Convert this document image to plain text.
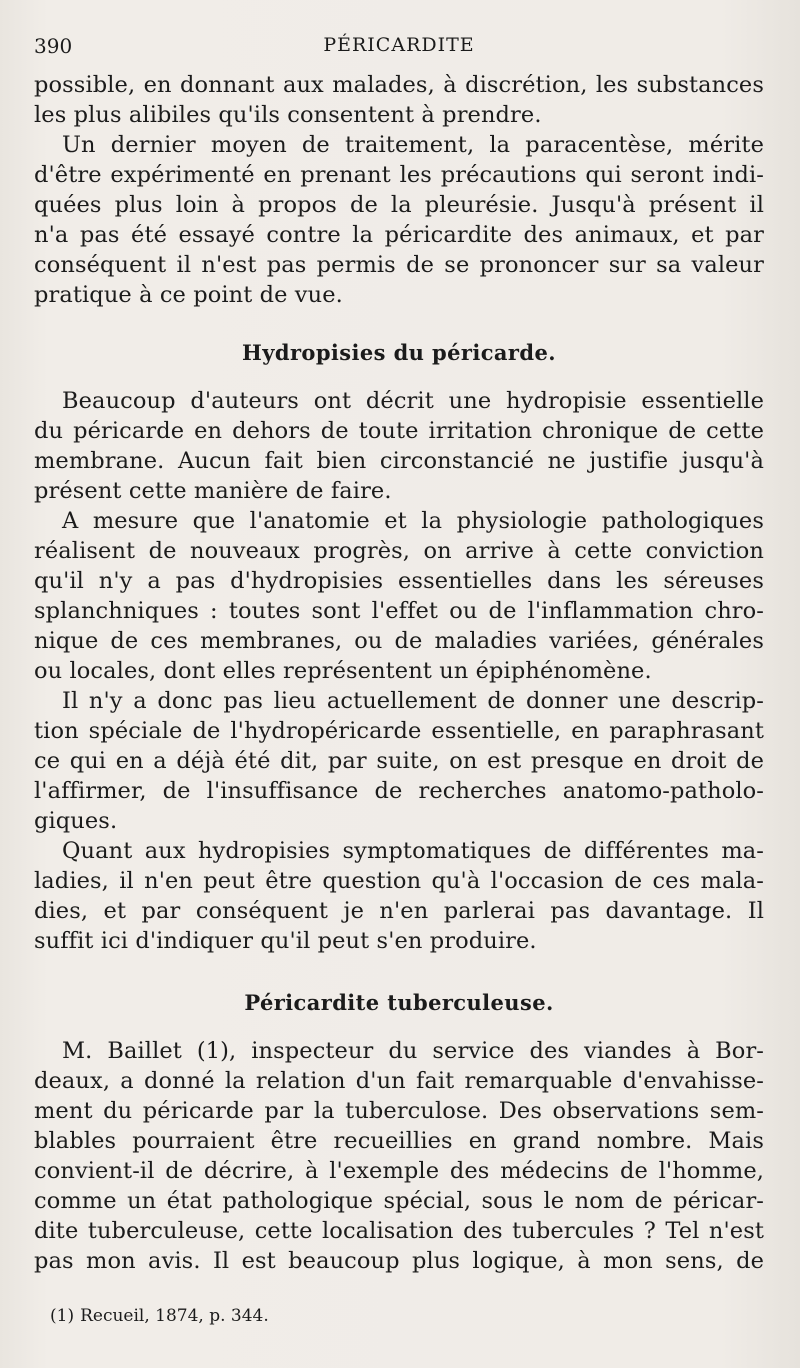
390	PÉRICARDITE
possible, en donnant aux malades, à discrétion, les substances
les plus alibiles qu'ils consentent à prendre.
Un dernier moyen de traitement, la paracentèse, mérite
d'être expérimenté en prenant les précautions qui seront indi-
quées plus loin à propos de la pleurésie. Jusqu'à présent il
n'a pas été essayé contre la péricardite des animaux, et par
conséquent il n'est pas permis de se prononcer sur sa valeur
pratique à ce point de vue.
Hydropisies du péricarde.
Beaucoup d'auteurs ont décrit une hydropisie essentielle
du péricarde en dehors de toute irritation chronique de cette
membrane. Aucun fait bien circonstancié ne justifie jusqu'à
présent cette manière de faire.
A mesure que l'anatomie et la physiologie pathologiques
réalisent de nouveaux progrès, on arrive à cette conviction
qu'il n'y a pas d'hydropisies essentielles dans les séreuses
splanchniques : toutes sont l'effet ou de l'inflammation chro-
nique de ces membranes, ou de maladies variées, générales
ou locales, dont elles représentent un épiphénomène.
Il n'y a donc pas lieu actuellement de donner une descrip-
tion spéciale de l'hydropéricarde essentielle, en paraphrasant
ce qui en a déjà été dit, par suite, on est presque en droit de
l'affirmer, de l'insuffisance de recherches anatomo-patholo-
giques.
Quant aux hydropisies symptomatiques de différentes ma-
ladies, il n'en peut être question qu'à l'occasion de ces mala-
dies, et par conséquent je n'en parlerai pas davantage. Il
suffit ici d'indiquer qu'il peut s'en produire.
Péricardite tuberculeuse.
M. Baillet (1), inspecteur du service des viandes à Bor-
deaux, a donné la relation d'un fait remarquable d'envahisse-
ment du péricarde par la tuberculose. Des observations sem-
blables pourraient être recueillies en grand nombre. Mais
convient-il de décrire, à l'exemple des médecins de l'homme,
comme un état pathologique spécial, sous le nom de péricar-
dite tuberculeuse, cette localisation des tubercules ? Tel n'est
pas mon avis. Il est beaucoup plus logique, à mon sens, de
(1) Recueil, 1874, p. 344.
